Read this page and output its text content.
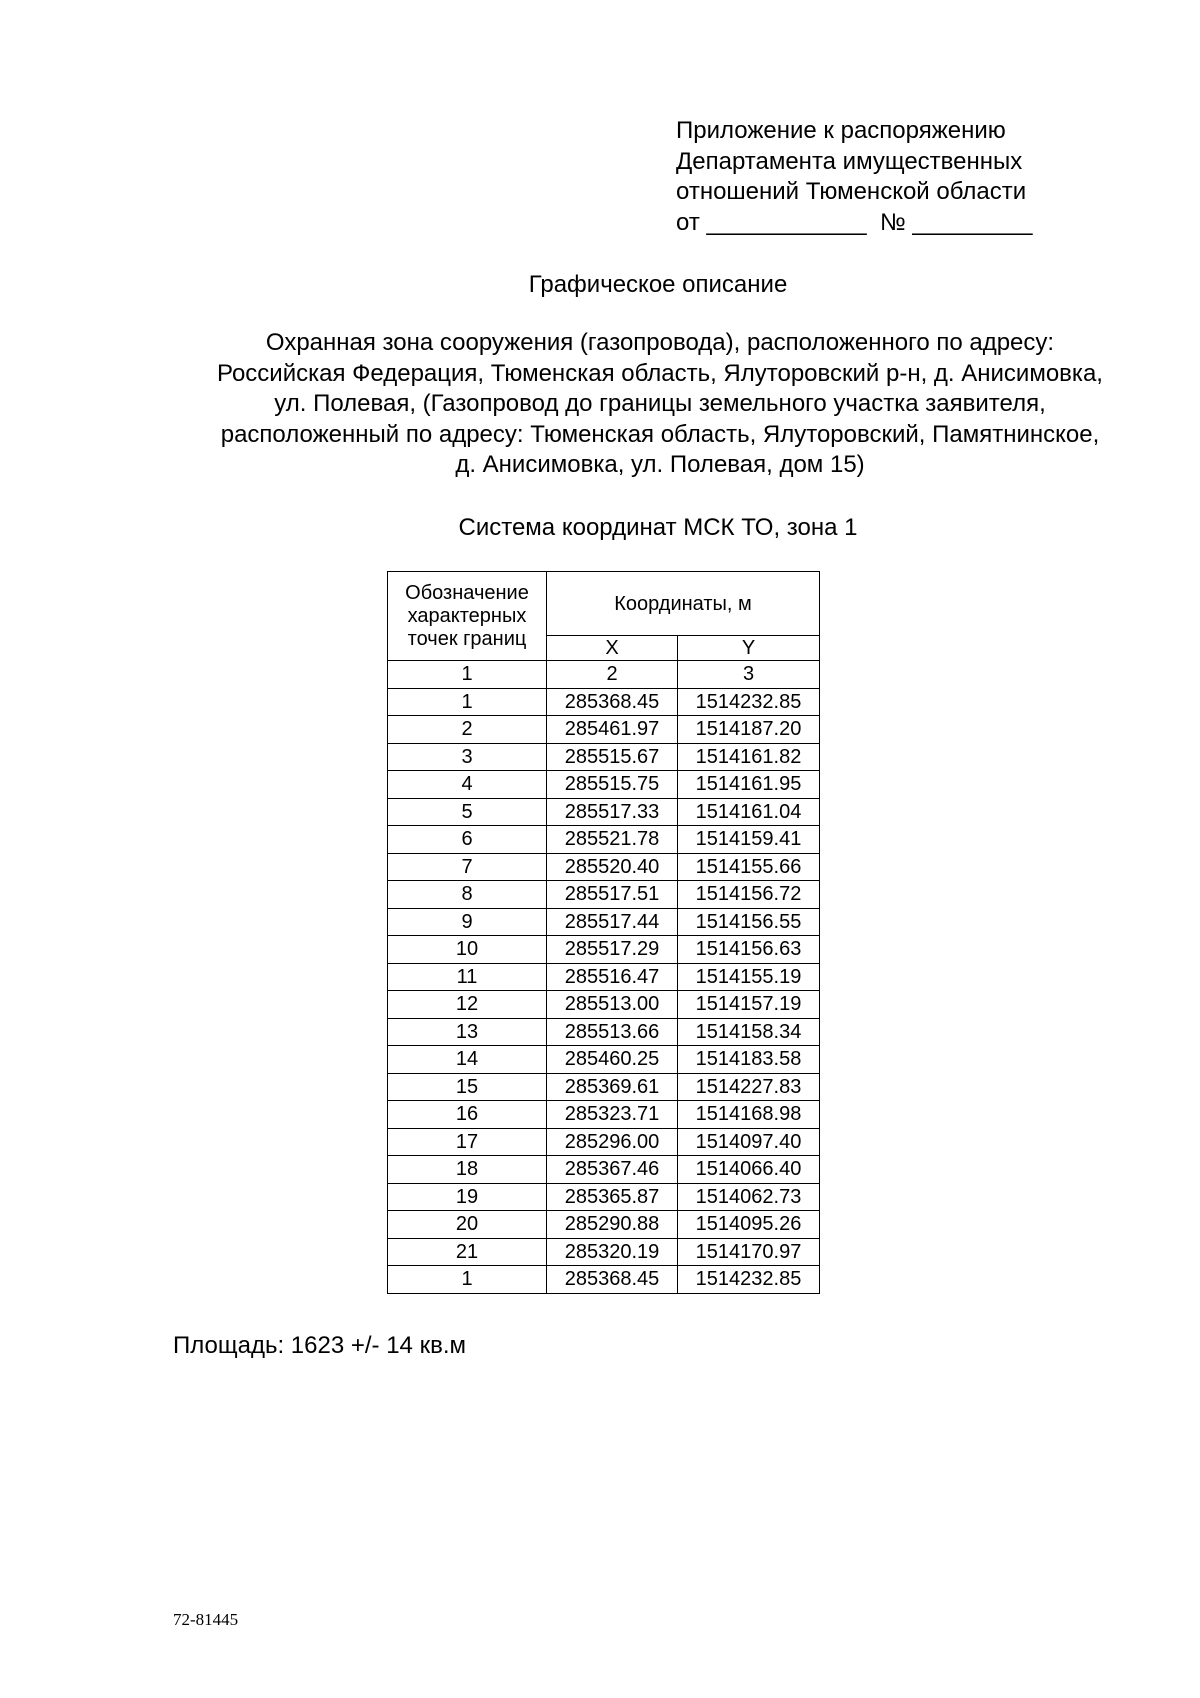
Приложение к распоряжению
Департамента имущественных
отношений Тюменской области
от ____________  № _________
Графическое описание
Охранная зона сооружения (газопровода), расположенного по адресу:
Российская Федерация, Тюменская область, Ялуторовский р-н, д. Анисимовка,
ул. Полевая, (Газопровод до границы земельного участка заявителя,
расположенный по адресу: Тюменская область, Ялуторовский, Памятнинское,
д. Анисимовка, ул. Полевая, дом 15)
Система координат МСК ТО, зона 1
Обозначение
характерных
точек границ	Координаты, м	
	X	Y
1	2	3
1	285368.45	1514232.85
2	285461.97	1514187.20
3	285515.67	1514161.82
4	285515.75	1514161.95
5	285517.33	1514161.04
6	285521.78	1514159.41
7	285520.40	1514155.66
8	285517.51	1514156.72
9	285517.44	1514156.55
10	285517.29	1514156.63
11	285516.47	1514155.19
12	285513.00	1514157.19
13	285513.66	1514158.34
14	285460.25	1514183.58
15	285369.61	1514227.83
16	285323.71	1514168.98
17	285296.00	1514097.40
18	285367.46	1514066.40
19	285365.87	1514062.73
20	285290.88	1514095.26
21	285320.19	1514170.97
1	285368.45	1514232.85
Площадь: 1623 +/- 14 кв.м
72-81445
